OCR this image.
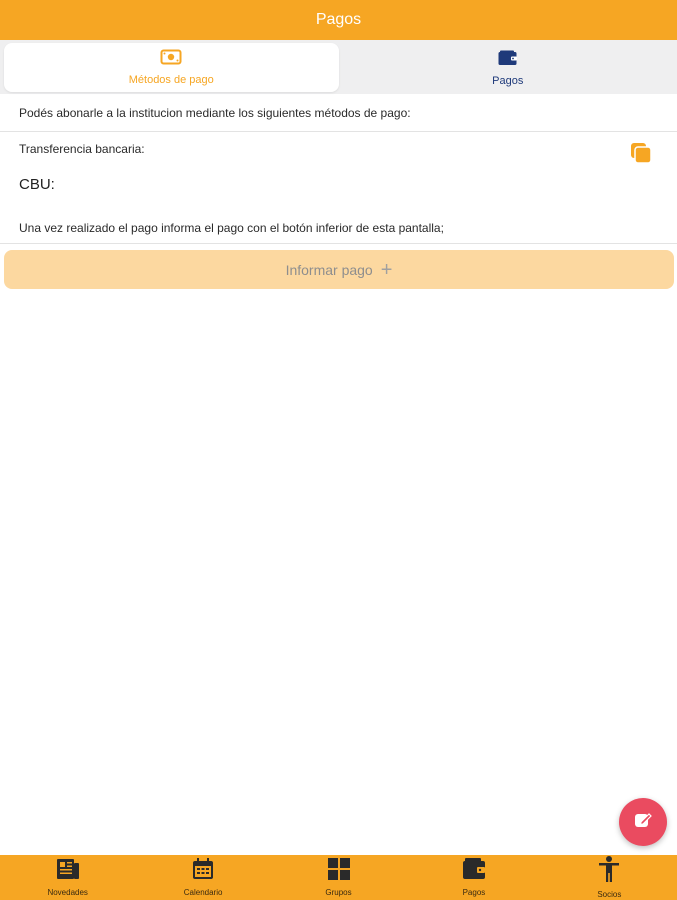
Pagos
Métodos de pago	Pagos
Podés abonarle a la institucion mediante los siguientes métodos de pago:
Transferencia bancaria:
CBU:
Una vez realizado el pago informa el pago con el botón inferior de esta pantalla;
Informar pago +
Novedades	Calendario	Grupos	Pagos	Socios
